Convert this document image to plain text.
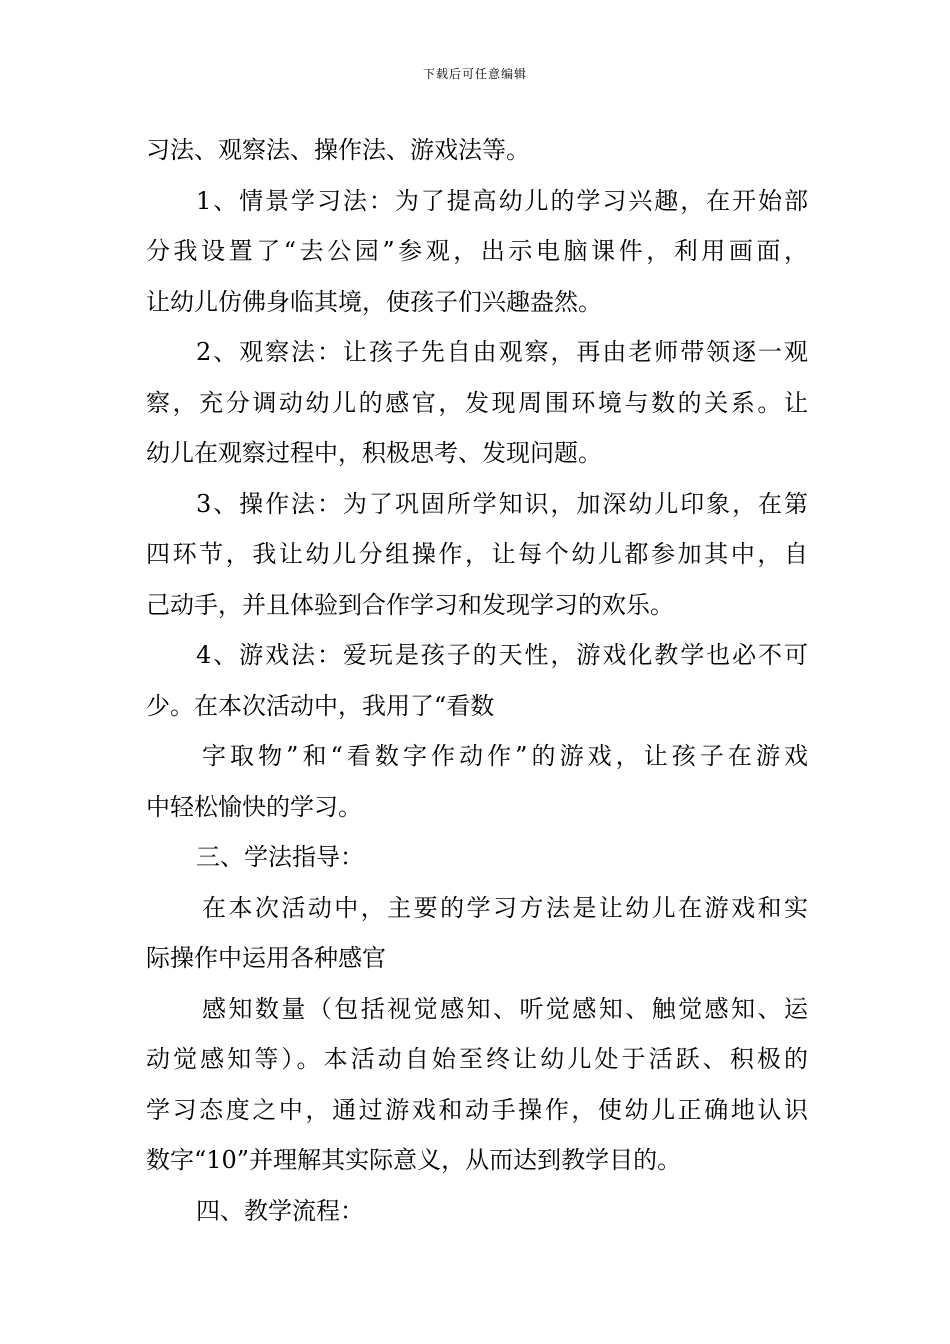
下载后可任意编辑
习法、观察法、操作法、游戏法等。
1、情景学习法：为了提高幼儿的学习兴趣，在开始部
分我设置了“去公园”参观，出示电脑课件，利用画面，
让幼儿仿佛身临其境，使孩子们兴趣盎然。
2、观察法：让孩子先自由观察，再由老师带领逐一观
察，充分调动幼儿的感官，发现周围环境与数的关系。让
幼儿在观察过程中，积极思考、发现问题。
3、操作法：为了巩固所学知识，加深幼儿印象，在第
四环节，我让幼儿分组操作，让每个幼儿都参加其中，自
己动手，并且体验到合作学习和发现学习的欢乐。
4、游戏法：爱玩是孩子的天性，游戏化教学也必不可
少。在本次活动中，我用了“看数
字取物”和“看数字作动作”的游戏，让孩子在游戏
中轻松愉快的学习。
三、学法指导：
在本次活动中，主要的学习方法是让幼儿在游戏和实
际操作中运用各种感官
感知数量（包括视觉感知、听觉感知、触觉感知、运
动觉感知等）。本活动自始至终让幼儿处于活跃、积极的
学习态度之中，通过游戏和动手操作，使幼儿正确地认识
数字“10”并理解其实际意义，从而达到教学目的。
四、教学流程：
